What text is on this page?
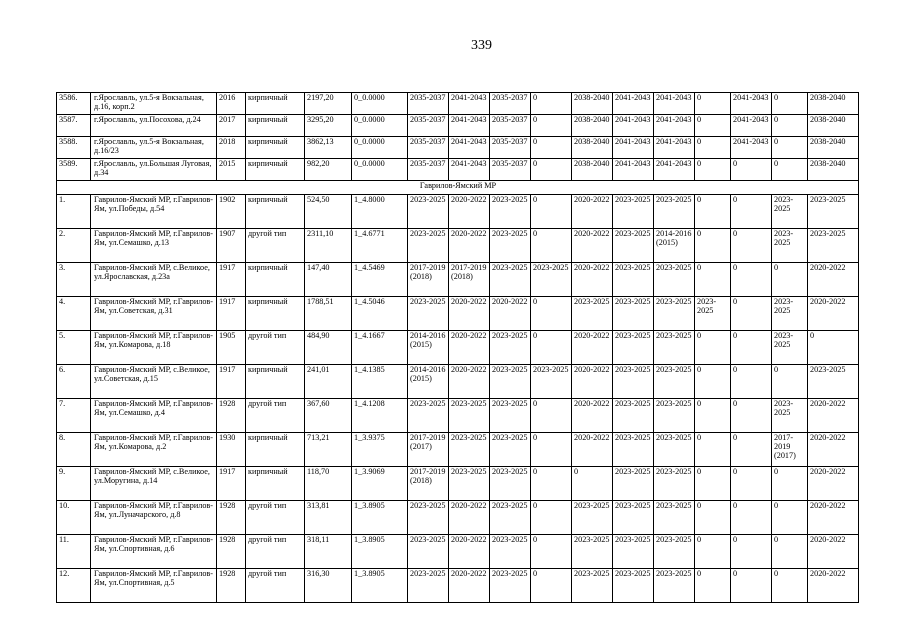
339
3586.	г.Ярославль, ул.5-я Вокзальная, д.16, корп.2	2016	кирпичный	2197,20	0_0.0000	2035-2037	2041-2043	2035-2037	0	2038-2040	2041-2043	2041-2043	0	2041-2043	0	2038-2040
3587.	г.Ярославль, ул.Посохова, д.24	2017	кирпичный	3295,20	0_0.0000	2035-2037	2041-2043	2035-2037	0	2038-2040	2041-2043	2041-2043	0	2041-2043	0	2038-2040
3588.	г.Ярославль, ул.5-я Вокзальная, д.16/23	2018	кирпичный	3862,13	0_0.0000	2035-2037	2041-2043	2035-2037	0	2038-2040	2041-2043	2041-2043	0	2041-2043	0	2038-2040
3589.	г.Ярославль, ул.Большая Луговая, д.34	2015	кирпичный	982,20	0_0.0000	2035-2037	2041-2043	2035-2037	0	2038-2040	2041-2043	2041-2043	0	0	0	2038-2040
Гаврилов-Ямский МР																
1.	Гаврилов-Ямский МР, г.Гаврилов-Ям, ул.Победы, д.54	1902	кирпичный	524,50	1_4.8000	2023-2025	2020-2022	2023-2025	0	2020-2022	2023-2025	2023-2025	0	0	2023-2025	2023-2025
2.	Гаврилов-Ямский МР, г.Гаврилов-Ям, ул.Семашко, д.13	1907	другой тип	2311,10	1_4.6771	2023-2025	2020-2022	2023-2025	0	2020-2022	2023-2025	2014-2016 (2015)	0	0	2023-2025	2023-2025
3.	Гаврилов-Ямский МР, с.Великое, ул.Ярославская, д.23а	1917	кирпичный	147,40	1_4.5469	2017-2019 (2018)	2017-2019 (2018)	2023-2025	2023-2025	2020-2022	2023-2025	2023-2025	0	0	0	2020-2022
4.	Гаврилов-Ямский МР, г.Гаврилов-Ям, ул.Советская, д.31	1917	кирпичный	1788,51	1_4.5046	2023-2025	2020-2022	2020-2022	0	2023-2025	2023-2025	2023-2025	2023-2025	0	2023-2025	2020-2022
5.	Гаврилов-Ямский МР, г.Гаврилов-Ям, ул.Комарова, д.18	1905	другой тип	484,90	1_4.1667	2014-2016 (2015)	2020-2022	2023-2025	0	2020-2022	2023-2025	2023-2025	0	0	2023-2025	0
6.	Гаврилов-Ямский МР, с.Великое, ул.Советская, д.15	1917	кирпичный	241,01	1_4.1385	2014-2016 (2015)	2020-2022	2023-2025	2023-2025	2020-2022	2023-2025	2023-2025	0	0	0	2023-2025
7.	Гаврилов-Ямский МР, г.Гаврилов-Ям, ул.Семашко, д.4	1928	другой тип	367,60	1_4.1208	2023-2025	2023-2025	2023-2025	0	2020-2022	2023-2025	2023-2025	0	0	2023-2025	2020-2022
8.	Гаврилов-Ямский МР, г.Гаврилов-Ям, ул.Комарова, д.2	1930	кирпичный	713,21	1_3.9375	2017-2019 (2017)	2023-2025	2023-2025	0	2020-2022	2023-2025	2023-2025	0	0	2017-2019 (2017)	2020-2022
9.	Гаврилов-Ямский МР, с.Великое, ул.Моругина, д.14	1917	кирпичный	118,70	1_3.9069	2017-2019 (2018)	2023-2025	2023-2025	0	0	2023-2025	2023-2025	0	0	0	2020-2022
10.	Гаврилов-Ямский МР, г.Гаврилов-Ям, ул.Луначарского, д.8	1928	другой тип	313,81	1_3.8905	2023-2025	2020-2022	2023-2025	0	2023-2025	2023-2025	2023-2025	0	0	0	2020-2022
11.	Гаврилов-Ямский МР, г.Гаврилов-Ям, ул.Спортивная, д.6	1928	другой тип	318,11	1_3.8905	2023-2025	2020-2022	2023-2025	0	2023-2025	2023-2025	2023-2025	0	0	0	2020-2022
12.	Гаврилов-Ямский МР, г.Гаврилов-Ям, ул.Спортивная, д.5	1928	другой тип	316,30	1_3.8905	2023-2025	2020-2022	2023-2025	0	2023-2025	2023-2025	2023-2025	0	0	0	2020-2022
